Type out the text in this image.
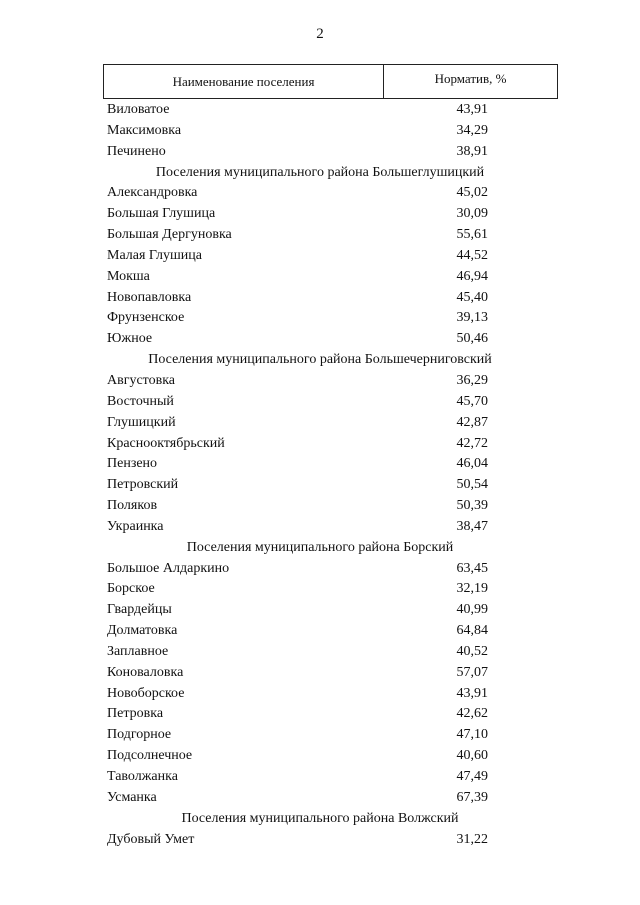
2
Наименование поселения	Норматив, %
Виловатое	43,91
Максимовка	34,29
Печинено	38,91
Поселения муниципального района Большеглушицкий
Александровка	45,02
Большая Глушица	30,09
Большая Дергуновка	55,61
Малая Глушица	44,52
Мокша	46,94
Новопавловка	45,40
Фрунзенское	39,13
Южное	50,46
Поселения муниципального района Большечерниговский
Августовка	36,29
Восточный	45,70
Глушицкий	42,87
Краснооктябрьский	42,72
Пензено	46,04
Петровский	50,54
Поляков	50,39
Украинка	38,47
Поселения муниципального района Борский
Большое Алдаркино	63,45
Борское	32,19
Гвардейцы	40,99
Долматовка	64,84
Заплавное	40,52
Коноваловка	57,07
Новоборское	43,91
Петровка	42,62
Подгорное	47,10
Подсолнечное	40,60
Таволжанка	47,49
Усманка	67,39
Поселения муниципального района Волжский
Дубовый Умет	31,22
